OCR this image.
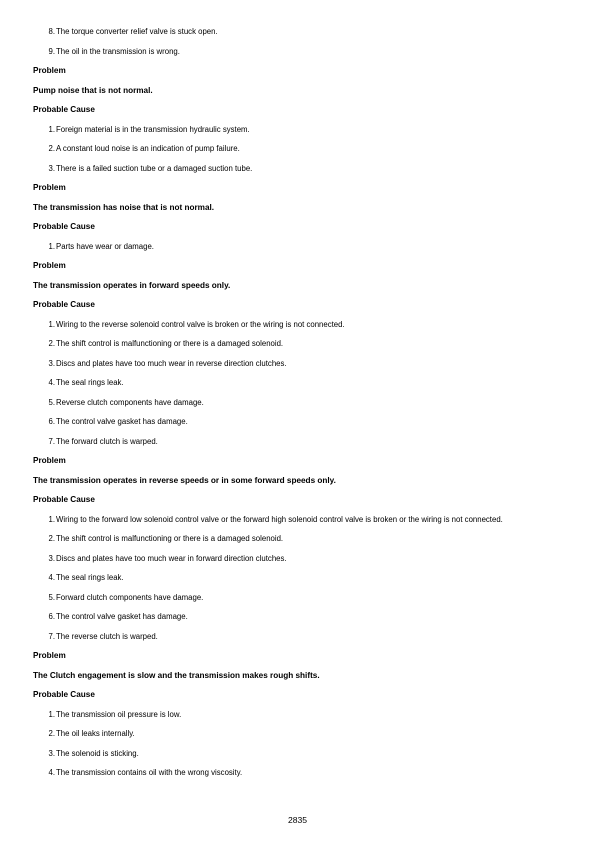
8. The torque converter relief valve is stuck open.
9. The oil in the transmission is wrong.
Problem
Pump noise that is not normal.
Probable Cause
1. Foreign material is in the transmission hydraulic system.
2. A constant loud noise is an indication of pump failure.
3. There is a failed suction tube or a damaged suction tube.
Problem
The transmission has noise that is not normal.
Probable Cause
1. Parts have wear or damage.
Problem
The transmission operates in forward speeds only.
Probable Cause
1. Wiring to the reverse solenoid control valve is broken or the wiring is not connected.
2. The shift control is malfunctioning or there is a damaged solenoid.
3. Discs and plates have too much wear in reverse direction clutches.
4. The seal rings leak.
5. Reverse clutch components have damage.
6. The control valve gasket has damage.
7. The forward clutch is warped.
Problem
The transmission operates in reverse speeds or in some forward speeds only.
Probable Cause
1. Wiring to the forward low solenoid control valve or the forward high solenoid control valve is broken or the wiring is not connected.
2. The shift control is malfunctioning or there is a damaged solenoid.
3. Discs and plates have too much wear in forward direction clutches.
4. The seal rings leak.
5. Forward clutch components have damage.
6. The control valve gasket has damage.
7. The reverse clutch is warped.
Problem
The Clutch engagement is slow and the transmission makes rough shifts.
Probable Cause
1. The transmission oil pressure is low.
2. The oil leaks internally.
3. The solenoid is sticking.
4. The transmission contains oil with the wrong viscosity.
2835
